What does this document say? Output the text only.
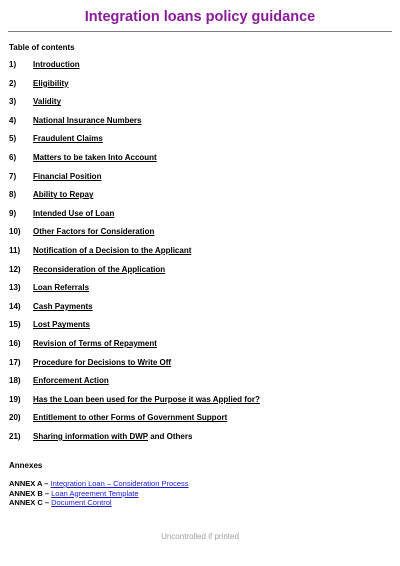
Integration loans policy guidance
Table of contents
1) Introduction
2) Eligibility
3) Validity
4) National Insurance Numbers
5) Fraudulent Claims
6) Matters to be taken Into Account
7) Financial Position
8) Ability to Repay
9) Intended Use of Loan
10) Other Factors for Consideration
11) Notification of a Decision to the Applicant
12) Reconsideration of the Application
13) Loan Referrals
14) Cash Payments
15) Lost Payments
16) Revision of Terms of Repayment
17) Procedure for Decisions to Write Off
18) Enforcement Action
19) Has the Loan been used for the Purpose it was Applied for?
20) Entitlement to other Forms of Government Support
21) Sharing information with DWP and Others
Annexes
ANNEX A – Integration Loan – Consideration Process
ANNEX B – Loan Agreement Template
ANNEX C – Document Control
Uncontrolled if printed
